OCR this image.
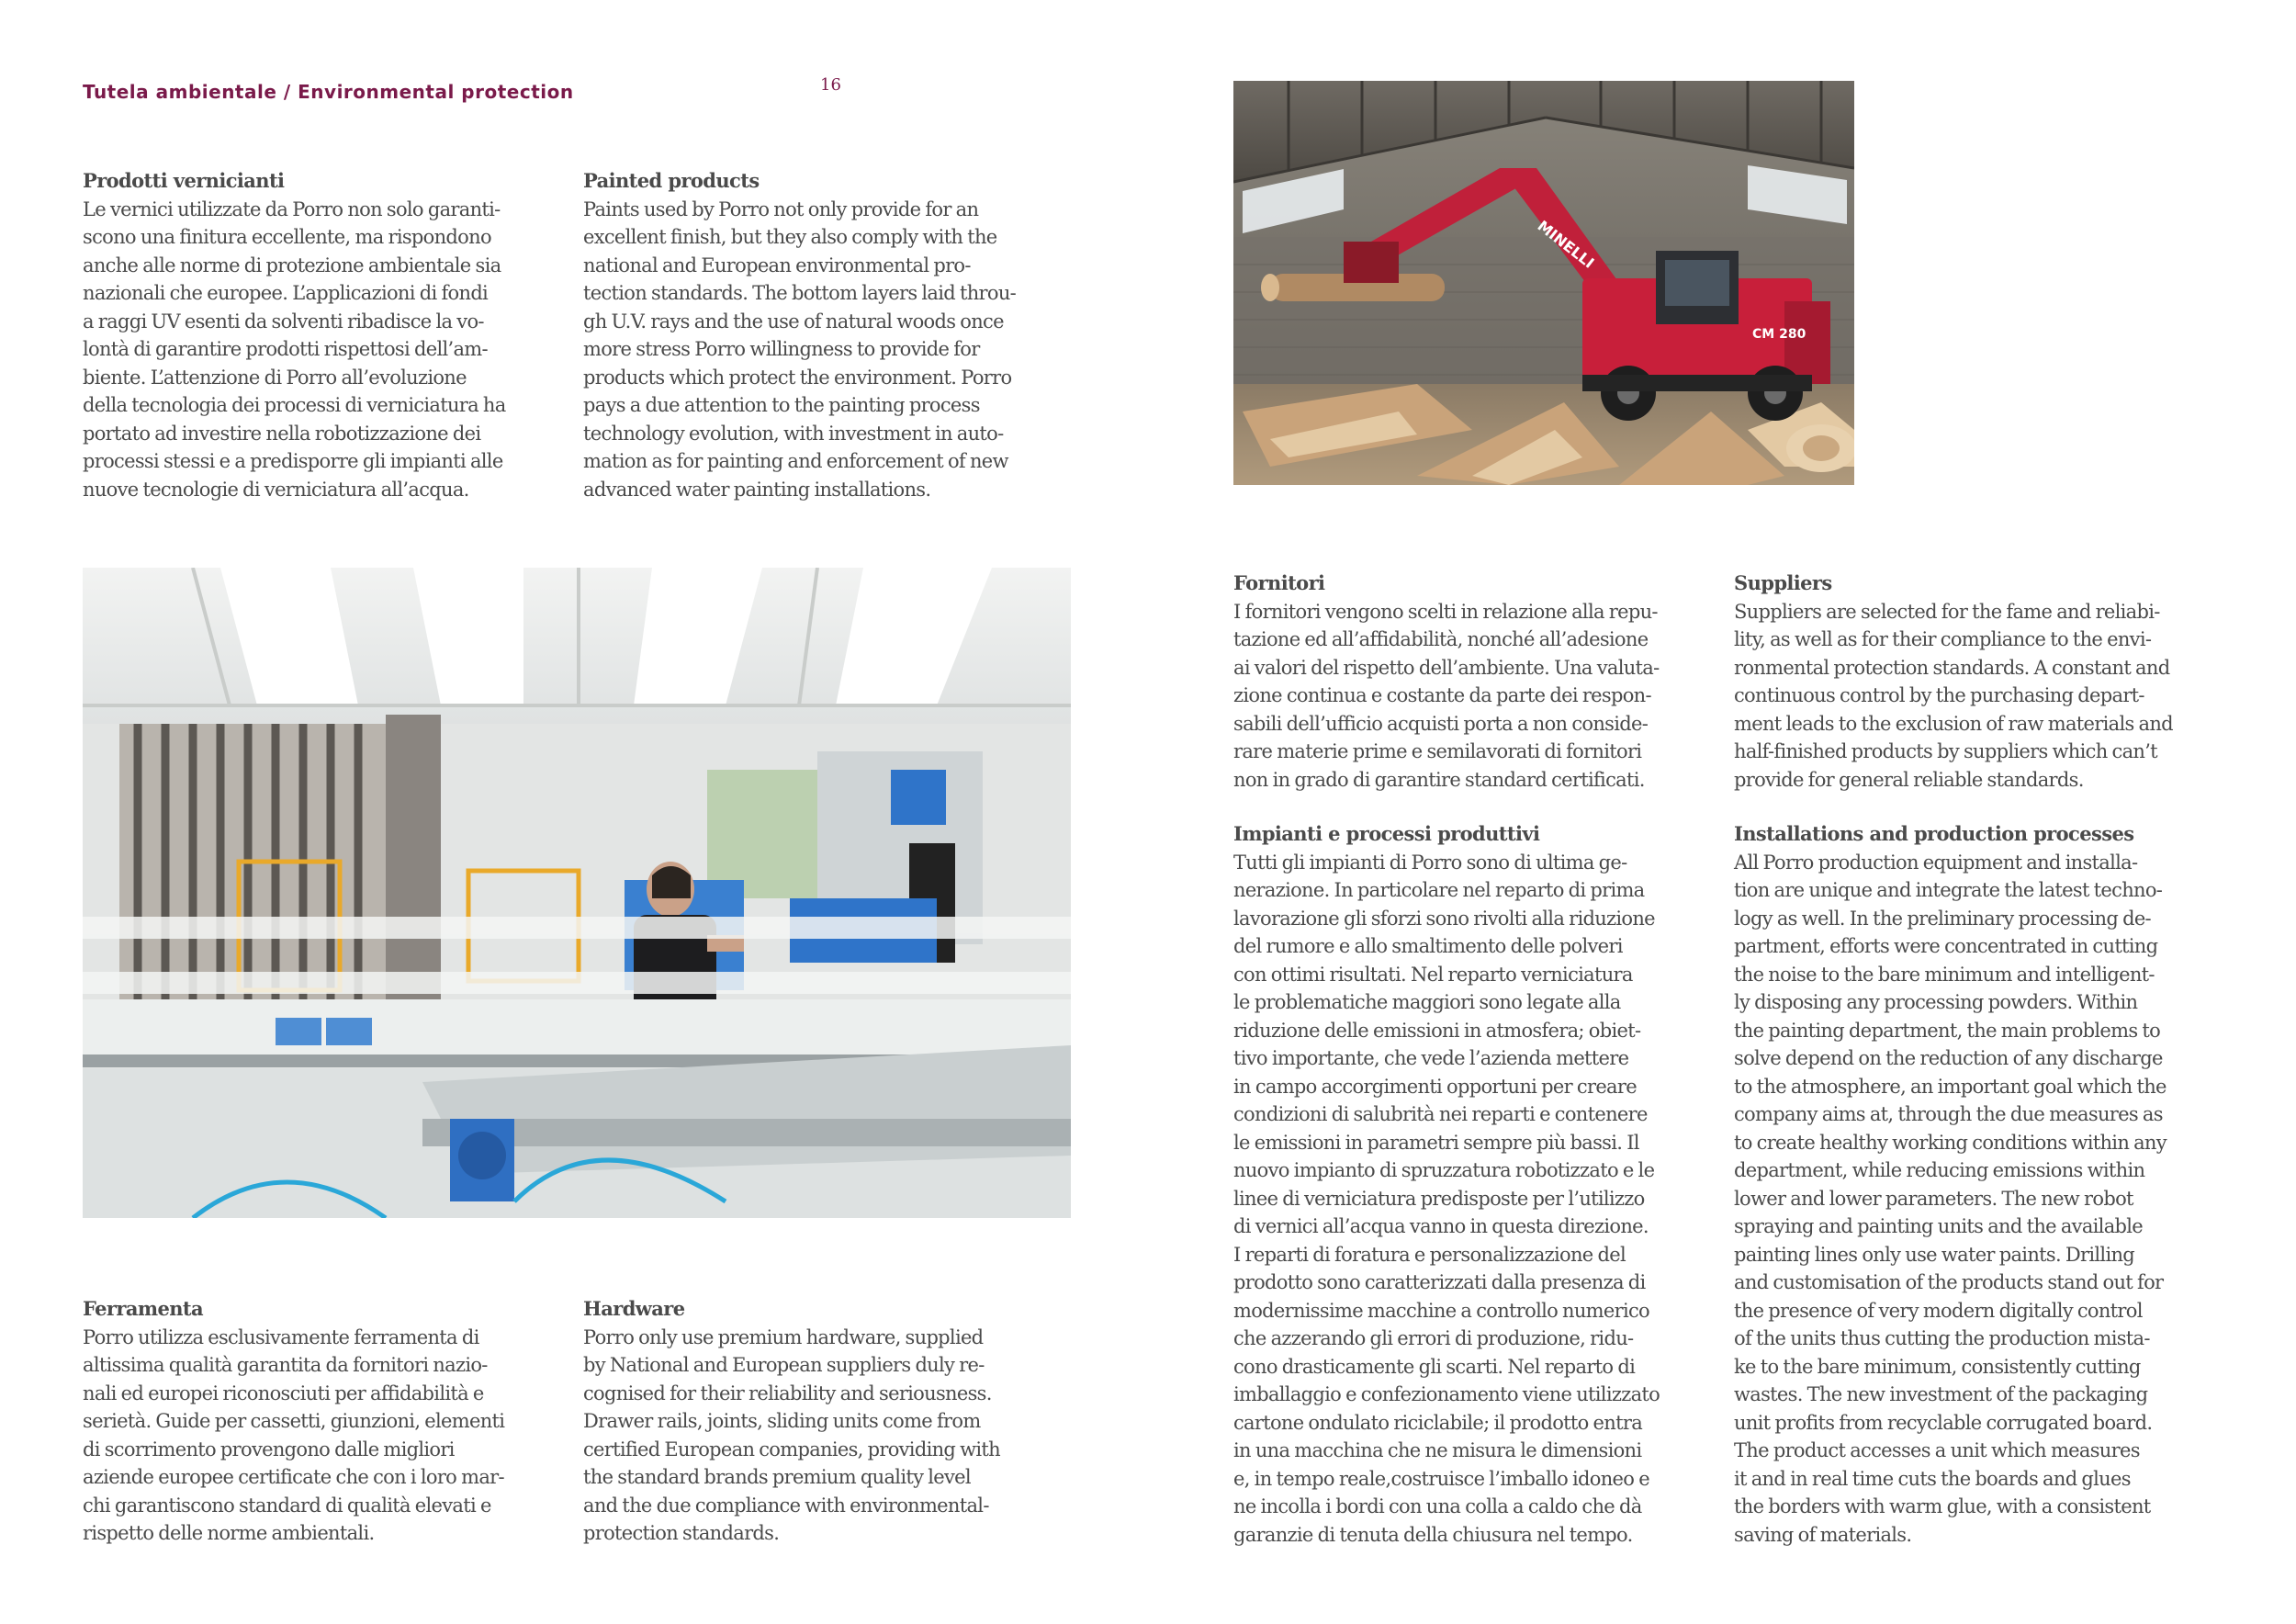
Tutela ambientale / Environmental protection	16
Prodotti vernicianti

Le vernici utilizzate da Porro non solo garanti-
scono una finitura eccellente, ma rispondono
anche alle norme di protezione ambientale sia
nazionali che europee. L’applicazioni di fondi
a raggi UV esenti da solventi ribadisce la vo-
lontà di garantire prodotti rispettosi dell’am-
biente. L’attenzione di Porro all’evoluzione
della tecnologia dei processi di verniciatura ha
portato ad investire nella robotizzazione dei
processi stessi e a predisporre gli impianti alle
nuove tecnologie di verniciatura all’acqua.

Painted products

Paints used by Porro not only provide for an
excellent finish, but they also comply with the
national and European environmental pro-
tection standards. The bottom layers laid throu-
gh U.V. rays and the use of natural woods once
more stress Porro willingness to provide for
products which protect the environment. Porro
pays a due attention to the painting process
technology evolution, with investment in auto-
mation as for painting and enforcement of new
advanced water painting installations.

Ferramenta

Porro utilizza esclusivamente ferramenta di
altissima qualità garantita da fornitori nazio-
nali ed europei riconosciuti per affidabilità e
serietà. Guide per cassetti, giunzioni, elementi
di scorrimento provengono dalle migliori
aziende europee certificate che con i loro mar-
chi garantiscono standard di qualità elevati e
rispetto delle norme ambientali.

Hardware

Porro only use premium hardware, supplied
by National and European suppliers duly re-
cognised for their reliability and seriousness.
Drawer rails, joints, sliding units come from
certified European companies, providing with
the standard brands premium quality level
and the due compliance with environmental-
protection standards.

Fornitori

I fornitori vengono scelti in relazione alla repu-
tazione ed all’affidabilità, nonché all’adesione
ai valori del rispetto dell’ambiente. Una valuta-
zione continua e costante da parte dei respon-
sabili dell’ufficio acquisti porta a non conside-
rare materie prime e semilavorati di fornitori
non in grado di garantire standard certificati.

Suppliers

Suppliers are selected for the fame and reliabi-
lity, as well as for their compliance to the envi-
ronmental protection standards. A constant and
continuous control by the purchasing depart-
ment leads to the exclusion of raw materials and
half-finished products by suppliers which can’t
provide for general reliable standards.

Impianti e processi produttivi

Tutti gli impianti di Porro sono di ultima ge-
nerazione. In particolare nel reparto di prima
lavorazione gli sforzi sono rivolti alla riduzione
del rumore e allo smaltimento delle polveri
con ottimi risultati. Nel reparto verniciatura
le problematiche maggiori sono legate alla
riduzione delle emissioni in atmosfera; obiet-
tivo importante, che vede l’azienda mettere
in campo accorgimenti opportuni per creare
condizioni di salubrità nei reparti e contenere
le emissioni in parametri sempre più bassi. Il
nuovo impianto di spruzzatura robotizzato e le
linee di verniciatura predisposte per l’utilizzo
di vernici all’acqua vanno in questa direzione.
I reparti di foratura e personalizzazione del
prodotto sono caratterizzati dalla presenza di
modernissime macchine a controllo numerico
che azzerando gli errori di produzione, ridu-
cono drasticamente gli scarti. Nel reparto di
imballaggio e confezionamento viene utilizzato
cartone ondulato riciclabile; il prodotto entra
in una macchina che ne misura le dimensioni
e, in tempo reale,costruisce l’imballo idoneo e
ne incolla i bordi con una colla a caldo che dà
garanzie di tenuta della chiusura nel tempo.

Installations and production processes

All Porro production equipment and installa-
tion are unique and integrate the latest techno-
logy as well. In the preliminary processing de-
partment, efforts were concentrated in cutting
the noise to the bare minimum and intelligent-
ly disposing any processing powders. Within
the painting department, the main problems to
solve depend on the reduction of any discharge
to the atmosphere, an important goal which the
company aims at, through the due measures as
to create healthy working conditions within any
department, while reducing emissions within
lower and lower parameters. The new robot
spraying and painting units and the available
painting lines only use water paints. Drilling
and customisation of the products stand out for
the presence of very modern digitally control
of the units thus cutting the production mista-
ke to the bare minimum, consistently cutting
wastes. The new investment of the packaging
unit profits from recyclable corrugated board.
The product accesses a unit which measures
it and in real time cuts the boards and glues
the borders with warm glue, with a consistent
saving of materials.

CM 280
MINELLI
